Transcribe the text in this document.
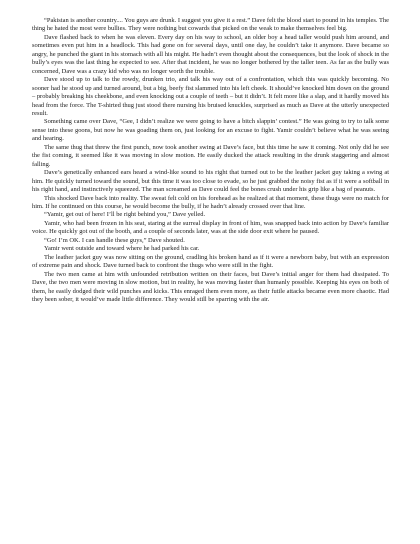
“Pakistan is another country.... You guys are drunk. I suggest you give it a rest.” Dave felt the blood start to pound in his temples. The thing he hated the most were bullies. They were nothing but cowards that picked on the weak to make themselves feel big.

Dave flashed back to when he was eleven. Every day on his way to school, an older boy a head taller would push him around, and sometimes even put him in a headlock. This had gone on for several days, until one day, he couldn’t take it anymore. Dave became so angry, he punched the giant in his stomach with all his might. He hadn’t even thought about the consequences, but the look of shock in the bully’s eyes was the last thing he expected to see. After that incident, he was no longer bothered by the taller teen. As far as the bully was concerned, Dave was a crazy kid who was no longer worth the trouble.

Dave stood up to talk to the rowdy, drunken trio, and talk his way out of a confrontation, which this was quickly becoming. No sooner had he stood up and turned around, but a big, beefy fist slammed into his left cheek. It should’ve knocked him down on the ground – probably breaking his cheekbone, and even knocking out a couple of teeth – but it didn’t. It felt more like a slap, and it hardly moved his head from the force. The T-shirted thug just stood there nursing his bruised knuckles, surprised as much as Dave at the utterly unexpected result.

Something came over Dave, “Gee, I didn’t realize we were going to have a bitch slappin’ contest.” He was going to try to talk some sense into these goons, but now he was goading them on, just looking for an excuse to fight. Yamir couldn’t believe what he was seeing and hearing.

The same thug that threw the first punch, now took another swing at Dave’s face, but this time he saw it coming. Not only did he see the fist coming, it seemed like it was moving in slow motion. He easily ducked the attack resulting in the drunk staggering and almost falling.

Dave’s genetically enhanced ears heard a wind-like sound to his right that turned out to be the leather jacket guy taking a swing at him. He quickly turned toward the sound, but this time it was too close to evade, so he just grabbed the noisy fist as if it were a softball in his right hand, and instinctively squeezed. The man screamed as Dave could feel the bones crush under his grip like a bag of peanuts.

This shocked Dave back into reality. The sweat felt cold on his forehead as he realized at that moment, these thugs were no match for him. If he continued on this course, he would become the bully, if he hadn’t already crossed over that line.

“Yamir, get out of here! I’ll be right behind you,” Dave yelled.

Yamir, who had been frozen in his seat, staring at the surreal display in front of him, was snapped back into action by Dave’s familiar voice. He quickly got out of the booth, and a couple of seconds later, was at the side door exit where he paused.

“Go! I’m OK. I can handle these guys,” Dave shouted.

Yamir went outside and toward where he had parked his car.

The leather jacket guy was now sitting on the ground, cradling his broken hand as if it were a newborn baby, but with an expression of extreme pain and shock. Dave turned back to confront the thugs who were still in the fight.

The two men came at him with unfounded retribution written on their faces, but Dave’s initial anger for them had dissipated. To Dave, the two men were moving in slow motion, but in reality, he was moving faster than humanly possible. Keeping his eyes on both of them, he easily dodged their wild punches and kicks. This enraged them even more, as their futile attacks became even more chaotic. Had they been sober, it would’ve made little difference. They would still be sparring with the air.
